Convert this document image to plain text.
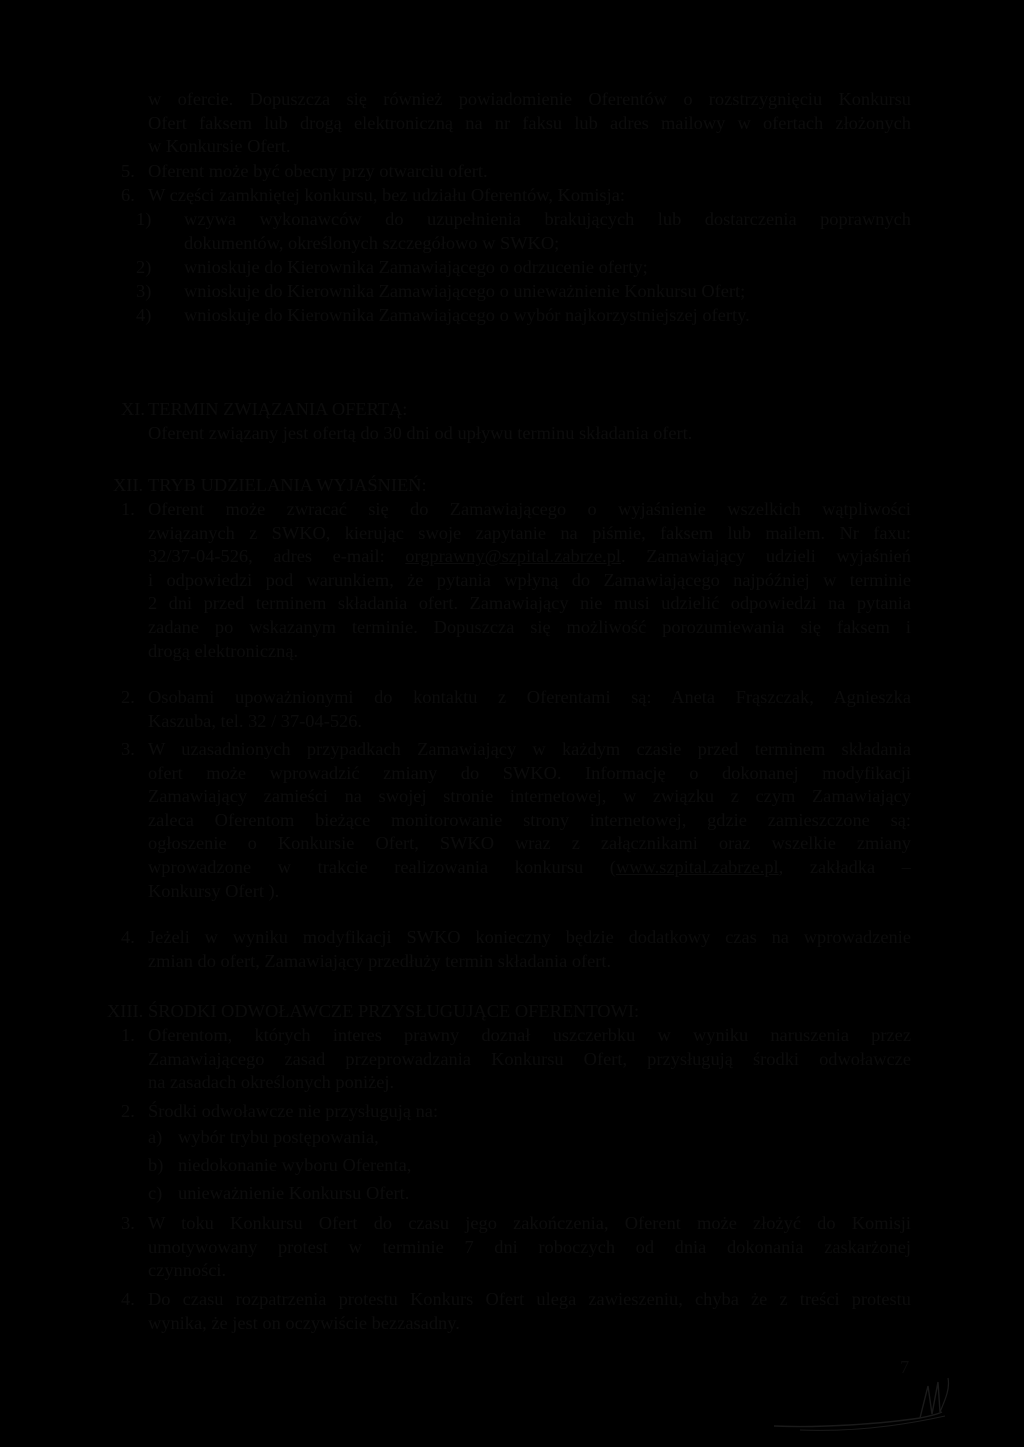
w ofercie. Dopuszcza się również powiadomienie Oferentów o rozstrzygnięciu Konkursu
Ofert faksem lub drogą elektroniczną na nr faksu lub adres mailowy w ofertach złożonych
w Konkursie Ofert.
5. Oferent może być obecny przy otwarciu ofert.
6. W części zamkniętej konkursu, bez udziału Oferentów, Komisja:
1) wzywa wykonawców do uzupełnienia brakujących lub dostarczenia poprawnych
dokumentów, określonych szczegółowo w SWKO;
2) wnioskuje do Kierownika Zamawiającego o odrzucenie oferty;
3) wnioskuje do Kierownika Zamawiającego o unieważnienie Konkursu Ofert;
4) wnioskuje do Kierownika Zamawiającego o wybór najkorzystniejszej oferty.
XI. TERMIN ZWIĄZANIA OFERTĄ:
Oferent związany jest ofertą do 30 dni od upływu terminu składania ofert.
XII. TRYB UDZIELANIA WYJAŚNIEŃ:
1. Oferent może zwracać się do Zamawiającego o wyjaśnienie wszelkich wątpliwości
związanych z SWKO, kierując swoje zapytanie na piśmie, faksem lub mailem. Nr faxu:
32/37-04-526, adres e-mail: orgprawny@szpital.zabrze.pl. Zamawiający udzieli wyjaśnień
i odpowiedzi pod warunkiem, że pytania wpłyną do Zamawiającego najpóźniej w terminie
2 dni przed terminem składania ofert. Zamawiający nie musi udzielić odpowiedzi na pytania
zadane po wskazanym terminie. Dopuszcza się możliwość porozumiewania się faksem i
drogą elektroniczną.
2. Osobami upoważnionymi do kontaktu z Oferentami są: Aneta Frąszczak, Agnieszka
Kaszuba, tel. 32 / 37-04-526.
3. W uzasadnionych przypadkach Zamawiający w każdym czasie przed terminem składania
ofert może wprowadzić zmiany do SWKO. Informację o dokonanej modyfikacji
Zamawiający zamieści na swojej stronie internetowej, w związku z czym Zamawiający
zaleca Oferentom bieżące monitorowanie strony internetowej, gdzie zamieszczone są:
ogłoszenie o Konkursie Ofert, SWKO wraz z załącznikami oraz wszelkie zmiany
wprowadzone w trakcie realizowania konkursu (www.szpital.zabrze.pl, zakładka –
Konkursy Ofert ).
4. Jeżeli w wyniku modyfikacji SWKO konieczny będzie dodatkowy czas na wprowadzenie
zmian do ofert, Zamawiający przedłuży termin składania ofert.
XIII. ŚRODKI ODWOŁAWCZE PRZYSŁUGUJĄCE OFERENTOWI:
1. Oferentom, których interes prawny doznał uszczerbku w wyniku naruszenia przez
Zamawiającego zasad przeprowadzania Konkursu Ofert, przysługują środki odwoławcze
na zasadach określonych poniżej.
2. Środki odwoławcze nie przysługują na:
a) wybór trybu postępowania,
b) niedokonanie wyboru Oferenta,
c) unieważnienie Konkursu Ofert.
3. W toku Konkursu Ofert do czasu jego zakończenia, Oferent może złożyć do Komisji
umotywowany protest w terminie 7 dni roboczych od dnia dokonania zaskarżonej
czynności.
4. Do czasu rozpatrzenia protestu Konkurs Ofert ulega zawieszeniu, chyba że z treści protestu
wynika, że jest on oczywiście bezzasadny.
7
